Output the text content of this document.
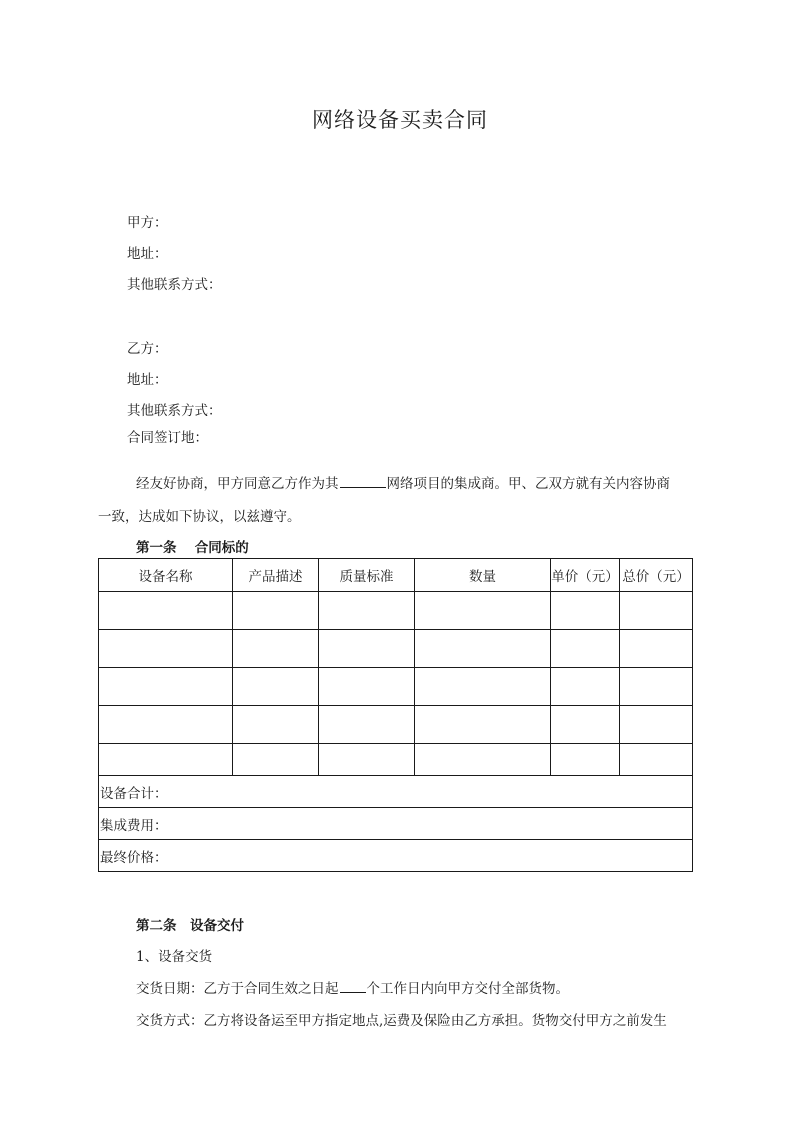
网络设备买卖合同
甲方：
地址：
其他联系方式：
乙方：
地址：
其他联系方式：
合同签订地：
经友好协商，甲方同意乙方作为其	网络项目的集成商。甲、乙双方就有关内容协商
一致，达成如下协议，以兹遵守。
第一条　 合同标的
设备名称	产品描述	质量标准	数量	单价（元）	总价（元）

设备合计：					
集成费用：					
最终价格：					
第二条　设备交付
1、设备交货
交货日期：乙方于合同生效之日起 个工作日内向甲方交付全部货物。
交货方式：乙方将设备运至甲方指定地点,运费及保险由乙方承担。货物交付甲方之前发生
